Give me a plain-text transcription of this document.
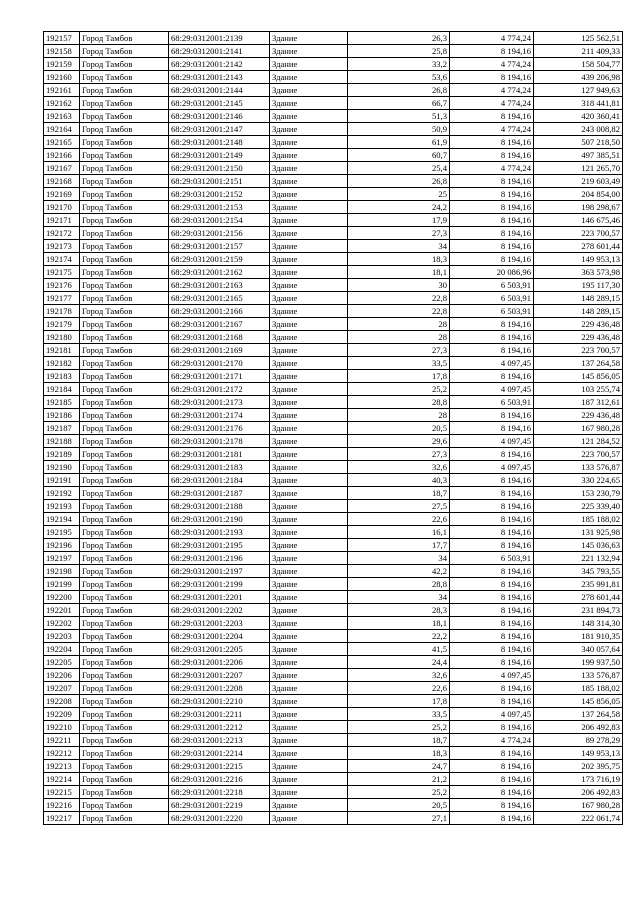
192157	Город Тамбов	68:29:0312001:2139	Здание	26,3	4 774,24	125 562,51
192158	Город Тамбов	68:29:0312001:2141	Здание	25,8	8 194,16	211 409,33
192159	Город Тамбов	68:29:0312001:2142	Здание	33,2	4 774,24	158 504,77
192160	Город Тамбов	68:29:0312001:2143	Здание	53,6	8 194,16	439 206,98
192161	Город Тамбов	68:29:0312001:2144	Здание	26,8	4 774,24	127 949,63
192162	Город Тамбов	68:29:0312001:2145	Здание	66,7	4 774,24	318 441,81
192163	Город Тамбов	68:29:0312001:2146	Здание	51,3	8 194,16	420 360,41
192164	Город Тамбов	68:29:0312001:2147	Здание	50,9	4 774,24	243 008,82
192165	Город Тамбов	68:29:0312001:2148	Здание	61,9	8 194,16	507 218,50
192166	Город Тамбов	68:29:0312001:2149	Здание	60,7	8 194,16	497 385,51
192167	Город Тамбов	68:29:0312001:2150	Здание	25,4	4 774,24	121 265,70
192168	Город Тамбов	68:29:0312001:2151	Здание	26,8	8 194,16	219 603,49
192169	Город Тамбов	68:29:0312001:2152	Здание	25	8 194,16	204 854,00
192170	Город Тамбов	68:29:0312001:2153	Здание	24,2	8 194,16	198 298,67
192171	Город Тамбов	68:29:0312001:2154	Здание	17,9	8 194,16	146 675,46
192172	Город Тамбов	68:29:0312001:2156	Здание	27,3	8 194,16	223 700,57
192173	Город Тамбов	68:29:0312001:2157	Здание	34	8 194,16	278 601,44
192174	Город Тамбов	68:29:0312001:2159	Здание	18,3	8 194,16	149 953,13
192175	Город Тамбов	68:29:0312001:2162	Здание	18,1	20 086,96	363 573,98
192176	Город Тамбов	68:29:0312001:2163	Здание	30	6 503,91	195 117,30
192177	Город Тамбов	68:29:0312001:2165	Здание	22,8	6 503,91	148 289,15
192178	Город Тамбов	68:29:0312001:2166	Здание	22,8	6 503,91	148 289,15
192179	Город Тамбов	68:29:0312001:2167	Здание	28	8 194,16	229 436,48
192180	Город Тамбов	68:29:0312001:2168	Здание	28	8 194,16	229 436,48
192181	Город Тамбов	68:29:0312001:2169	Здание	27,3	8 194,16	223 700,57
192182	Город Тамбов	68:29:0312001:2170	Здание	33,5	4 097,45	137 264,58
192183	Город Тамбов	68:29:0312001:2171	Здание	17,8	8 194,16	145 856,05
192184	Город Тамбов	68:29:0312001:2172	Здание	25,2	4 097,45	103 255,74
192185	Город Тамбов	68:29:0312001:2173	Здание	28,8	6 503,91	187 312,61
192186	Город Тамбов	68:29:0312001:2174	Здание	28	8 194,16	229 436,48
192187	Город Тамбов	68:29:0312001:2176	Здание	20,5	8 194,16	167 980,28
192188	Город Тамбов	68:29:0312001:2178	Здание	29,6	4 097,45	121 284,52
192189	Город Тамбов	68:29:0312001:2181	Здание	27,3	8 194,16	223 700,57
192190	Город Тамбов	68:29:0312001:2183	Здание	32,6	4 097,45	133 576,87
192191	Город Тамбов	68:29:0312001:2184	Здание	40,3	8 194,16	330 224,65
192192	Город Тамбов	68:29:0312001:2187	Здание	18,7	8 194,16	153 230,79
192193	Город Тамбов	68:29:0312001:2188	Здание	27,5	8 194,16	225 339,40
192194	Город Тамбов	68:29:0312001:2190	Здание	22,6	8 194,16	185 188,02
192195	Город Тамбов	68:29:0312001:2193	Здание	16,1	8 194,16	131 925,98
192196	Город Тамбов	68:29:0312001:2195	Здание	17,7	8 194,16	145 036,63
192197	Город Тамбов	68:29:0312001:2196	Здание	34	6 503,91	221 132,94
192198	Город Тамбов	68:29:0312001:2197	Здание	42,2	8 194,16	345 793,55
192199	Город Тамбов	68:29:0312001:2199	Здание	28,8	8 194,16	235 991,81
192200	Город Тамбов	68:29:0312001:2201	Здание	34	8 194,16	278 601,44
192201	Город Тамбов	68:29:0312001:2202	Здание	28,3	8 194,16	231 894,73
192202	Город Тамбов	68:29:0312001:2203	Здание	18,1	8 194,16	148 314,30
192203	Город Тамбов	68:29:0312001:2204	Здание	22,2	8 194,16	181 910,35
192204	Город Тамбов	68:29:0312001:2205	Здание	41,5	8 194,16	340 057,64
192205	Город Тамбов	68:29:0312001:2206	Здание	24,4	8 194,16	199 937,50
192206	Город Тамбов	68:29:0312001:2207	Здание	32,6	4 097,45	133 576,87
192207	Город Тамбов	68:29:0312001:2208	Здание	22,6	8 194,16	185 188,02
192208	Город Тамбов	68:29:0312001:2210	Здание	17,8	8 194,16	145 856,05
192209	Город Тамбов	68:29:0312001:2211	Здание	33,5	4 097,45	137 264,58
192210	Город Тамбов	68:29:0312001:2212	Здание	25,2	8 194,16	206 492,83
192211	Город Тамбов	68:29:0312001:2213	Здание	18,7	4 774,24	89 278,29
192212	Город Тамбов	68:29:0312001:2214	Здание	18,3	8 194,16	149 953,13
192213	Город Тамбов	68:29:0312001:2215	Здание	24,7	8 194,16	202 395,75
192214	Город Тамбов	68:29:0312001:2216	Здание	21,2	8 194,16	173 716,19
192215	Город Тамбов	68:29:0312001:2218	Здание	25,2	8 194,16	206 492,83
192216	Город Тамбов	68:29:0312001:2219	Здание	20,5	8 194,16	167 980,28
192217	Город Тамбов	68:29:0312001:2220	Здание	27,1	8 194,16	222 061,74
